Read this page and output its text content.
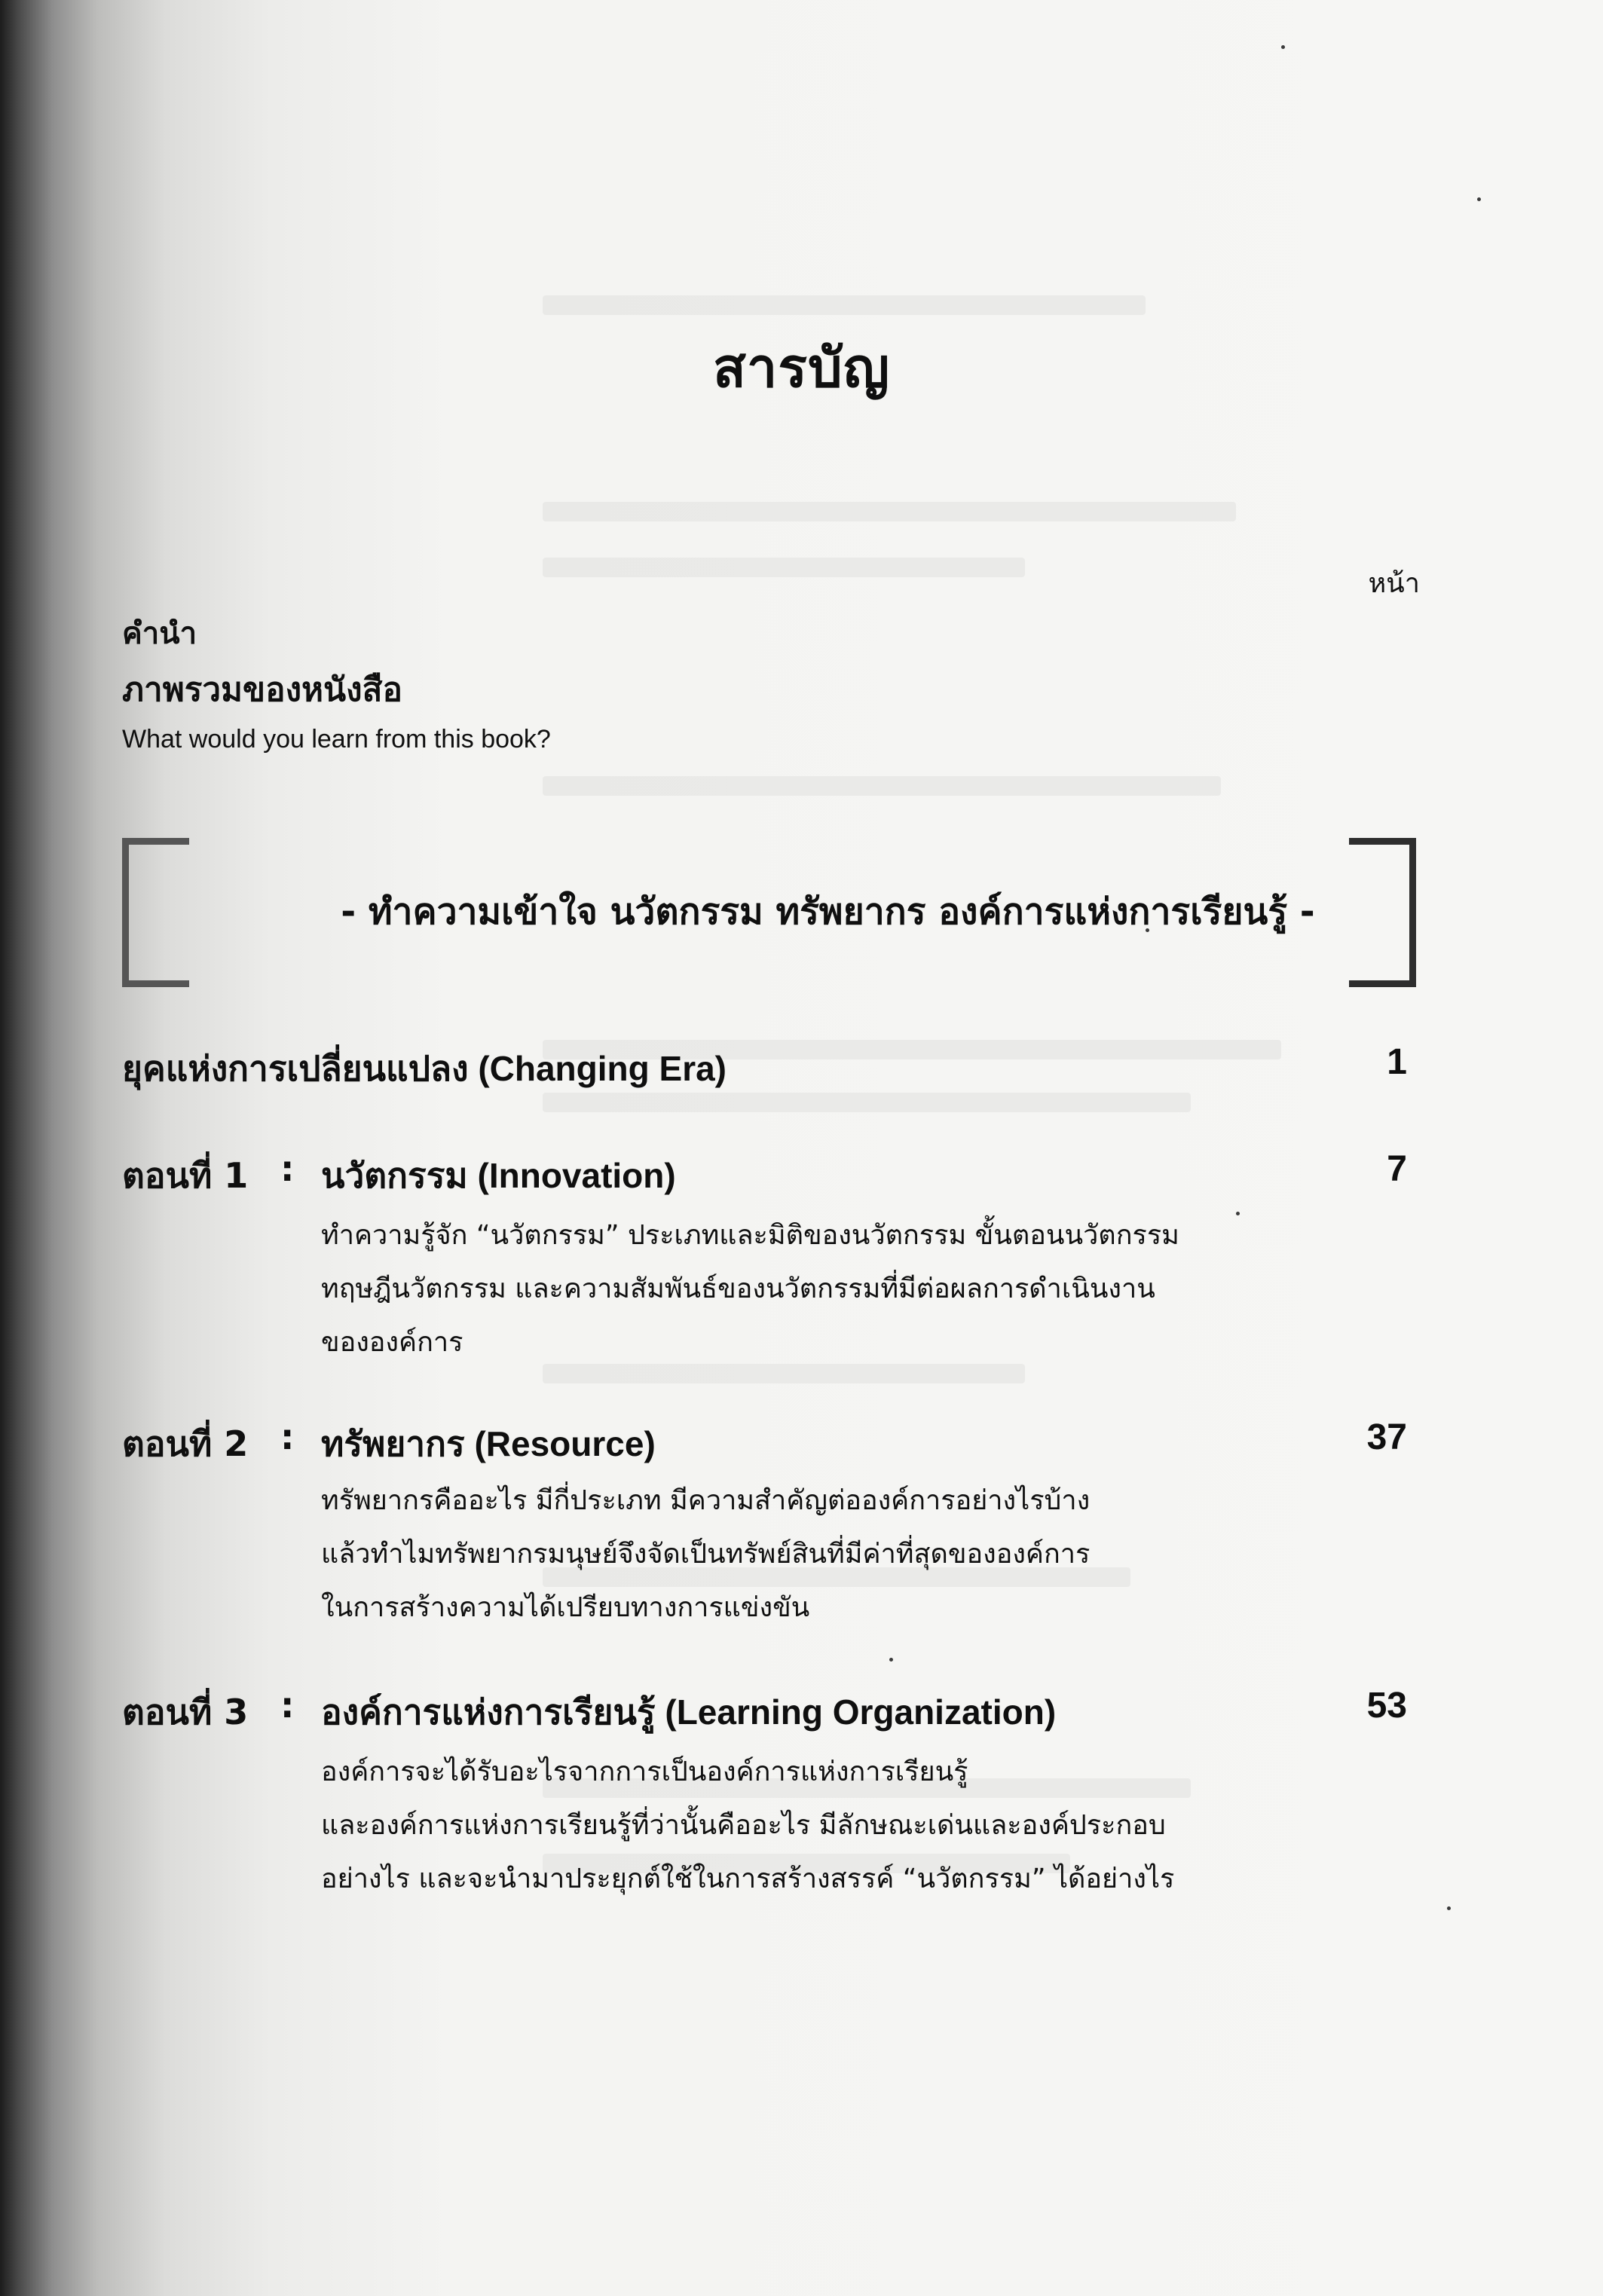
สารบัญ
หน้า
คำนำ
ภาพรวมของหนังสือ
What would you learn from this book?
- ทำความเข้าใจ นวัตกรรม ทรัพยากร องค์การแห่งการเรียนรู้ -
ยุคแห่งการเปลี่ยนแปลง (Changing Era)	1
ตอนที่ 1 : นวัตกรรม (Innovation)	7
ทำความรู้จัก “นวัตกรรม” ประเภทและมิติของนวัตกรรม ขั้นตอนนวัตกรรม
ทฤษฎีนวัตกรรม และความสัมพันธ์ของนวัตกรรมที่มีต่อผลการดำเนินงาน
ขององค์การ
ตอนที่ 2 : ทรัพยากร (Resource)	37
ทรัพยากรคืออะไร มีกี่ประเภท มีความสำคัญต่อองค์การอย่างไรบ้าง
แล้วทำไมทรัพยากรมนุษย์จึงจัดเป็นทรัพย์สินที่มีค่าที่สุดขององค์การ
ในการสร้างความได้เปรียบทางการแข่งขัน
ตอนที่ 3 : องค์การแห่งการเรียนรู้ (Learning Organization)	53
องค์การจะได้รับอะไรจากการเป็นองค์การแห่งการเรียนรู้
และองค์การแห่งการเรียนรู้ที่ว่านั้นคืออะไร มีลักษณะเด่นและองค์ประกอบ
อย่างไร และจะนำมาประยุกต์ใช้ในการสร้างสรรค์ “นวัตกรรม” ได้อย่างไร
